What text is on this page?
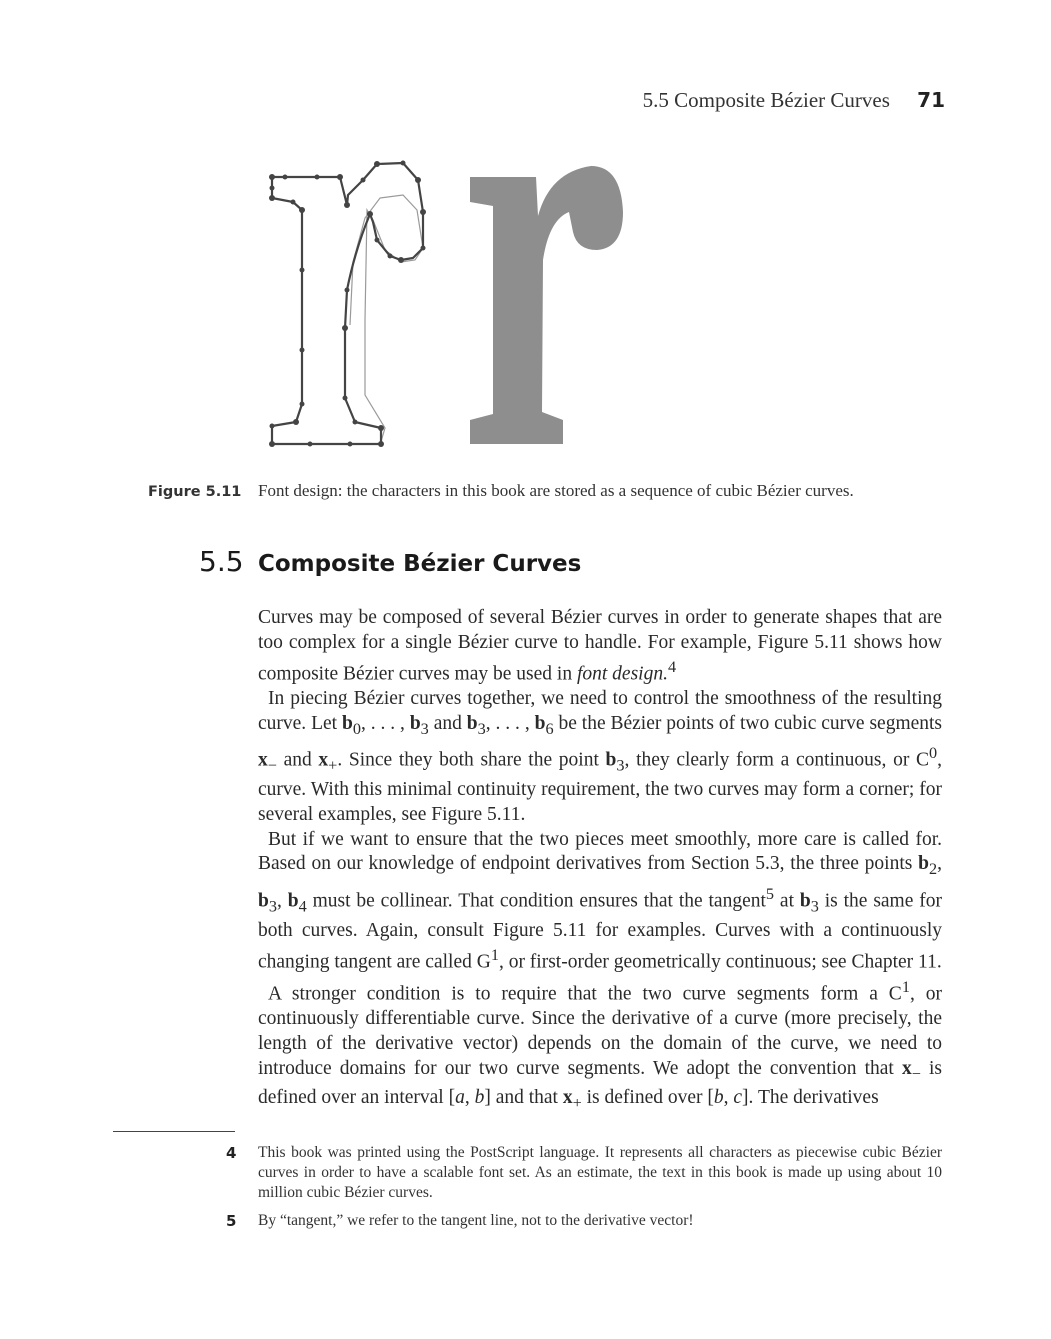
5.5 Composite Bézier Curves 71
Figure 5.11 Font design: the characters in this book are stored as a sequence of cubic Bézier curves.
5.5 Composite Bézier Curves

Curves may be composed of several Bézier curves in order to generate shapes that are too complex for a single Bézier curve to handle. For example, Figure 5.11 shows how composite Bézier curves may be used in font design.$^4$

In piecing Bézier curves together, we need to control the smoothness of the resulting curve. Let $b_0$, . . . , $b_3$ and $b_3$, . . . , $b_6$ be the Bézier points of two cubic curve segments $x_-$ and $x_+$. Since they both share the point $b_3$, they clearly form a continuous, or $C^0$, curve. With this minimal continuity requirement, the two curves may form a corner; for several examples, see Figure 5.11.

But if we want to ensure that the two pieces meet smoothly, more care is called for. Based on our knowledge of endpoint derivatives from Section 5.3, the three points $b_2$, $b_3$, $b_4$ must be collinear. That condition ensures that the tangent$^5$ at $b_3$ is the same for both curves. Again, consult Figure 5.11 for examples. Curves with a continuously changing tangent are called $G^1$, or first-order geometrically continuous; see Chapter 11.

A stronger condition is to require that the two curve segments form a $C^1$, or continuously differentiable curve. Since the derivative of a curve (more precisely, the length of the derivative vector) depends on the domain of the curve, we need to introduce domains for our two curve segments. We adopt the convention that $x_-$ is defined over an interval [a, b] and that $x_+$ is defined over [b, c]. The derivatives

4	This book was printed using the PostScript language. It represents all characters as piecewise cubic Bézier curves in order to have a scalable font set. As an estimate, the text in this book is made up using about 10 million cubic Bézier curves.
5	By “tangent,” we refer to the tangent line, not to the derivative vector!
